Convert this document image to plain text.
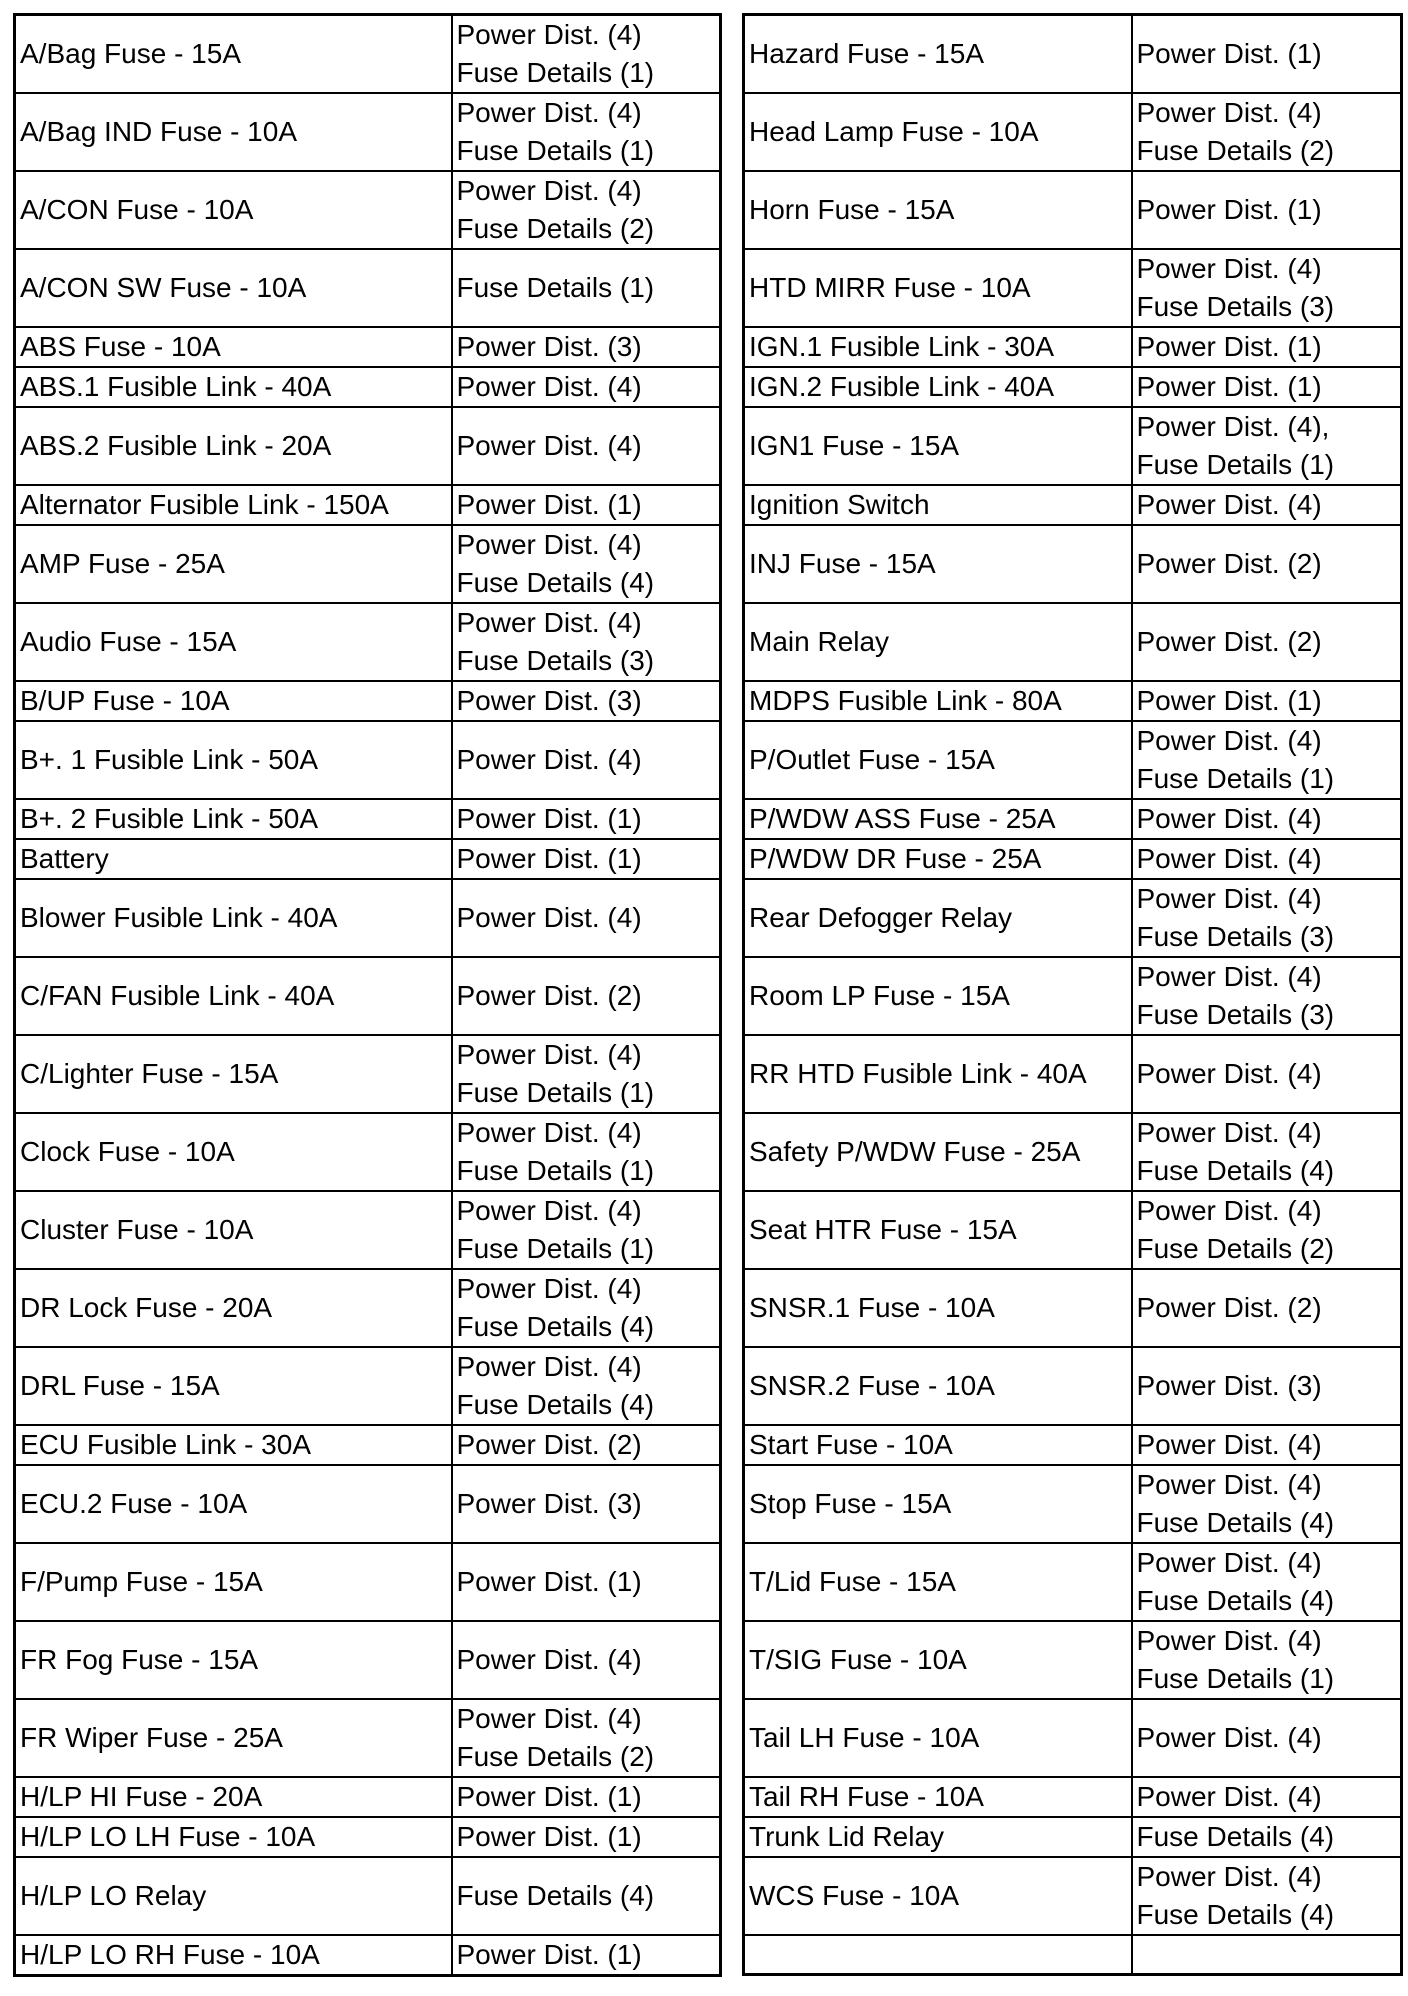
A/Bag Fuse - 15A	Power Dist. (4)
Fuse Details (1)

A/Bag IND Fuse - 10A	Power Dist. (4)
Fuse Details (1)

A/CON Fuse - 10A	Power Dist. (4)
Fuse Details (2)

A/CON SW Fuse - 10A	Fuse Details (1)

ABS Fuse - 10A	Power Dist. (3)

ABS.1 Fusible Link - 40A	Power Dist. (4)

ABS.2 Fusible Link - 20A	Power Dist. (4)

Alternator Fusible Link - 150A	Power Dist. (1)

AMP Fuse - 25A	Power Dist. (4)
Fuse Details (4)

Audio Fuse - 15A	Power Dist. (4)
Fuse Details (3)

B/UP Fuse - 10A	Power Dist. (3)

B+. 1 Fusible Link - 50A	Power Dist. (4)

B+. 2 Fusible Link - 50A	Power Dist. (1)

Battery	Power Dist. (1)

Blower Fusible Link - 40A	Power Dist. (4)

C/FAN Fusible Link - 40A	Power Dist. (2)

C/Lighter Fuse - 15A	Power Dist. (4)
Fuse Details (1)

Clock Fuse - 10A	Power Dist. (4)
Fuse Details (1)

Cluster Fuse - 10A	Power Dist. (4)
Fuse Details (1)

DR Lock Fuse - 20A	Power Dist. (4)
Fuse Details (4)

DRL Fuse - 15A	Power Dist. (4)
Fuse Details (4)

ECU Fusible Link - 30A	Power Dist. (2)

ECU.2 Fuse - 10A	Power Dist. (3)

F/Pump Fuse - 15A	Power Dist. (1)

FR Fog Fuse - 15A	Power Dist. (4)

FR Wiper Fuse - 25A	Power Dist. (4)
Fuse Details (2)

H/LP HI Fuse - 20A	Power Dist. (1)

H/LP LO LH Fuse - 10A	Power Dist. (1)

H/LP LO Relay	Fuse Details (4)

H/LP LO RH Fuse - 10A	Power Dist. (1)
Hazard Fuse - 15A	Power Dist. (1)

Head Lamp Fuse - 10A	Power Dist. (4)
Fuse Details (2)

Horn Fuse - 15A	Power Dist. (1)

HTD MIRR Fuse - 10A	Power Dist. (4)
Fuse Details (3)

IGN.1 Fusible Link - 30A	Power Dist. (1)

IGN.2 Fusible Link - 40A	Power Dist. (1)

IGN1 Fuse - 15A	Power Dist. (4),
Fuse Details (1)

Ignition Switch	Power Dist. (4)

INJ Fuse - 15A	Power Dist. (2)

Main Relay	Power Dist. (2)

MDPS Fusible Link - 80A	Power Dist. (1)

P/Outlet Fuse - 15A	Power Dist. (4)
Fuse Details (1)

P/WDW ASS Fuse - 25A	Power Dist. (4)

P/WDW DR Fuse - 25A	Power Dist. (4)

Rear Defogger Relay	Power Dist. (4)
Fuse Details (3)

Room LP Fuse - 15A	Power Dist. (4)
Fuse Details (3)

RR HTD Fusible Link - 40A	Power Dist. (4)

Safety P/WDW Fuse - 25A	Power Dist. (4)
Fuse Details (4)

Seat HTR Fuse - 15A	Power Dist. (4)
Fuse Details (2)

SNSR.1 Fuse - 10A	Power Dist. (2)

SNSR.2 Fuse - 10A	Power Dist. (3)

Start Fuse - 10A	Power Dist. (4)

Stop Fuse - 15A	Power Dist. (4)
Fuse Details (4)

T/Lid Fuse - 15A	Power Dist. (4)
Fuse Details (4)

T/SIG Fuse - 10A	Power Dist. (4)
Fuse Details (1)

Tail LH Fuse - 10A	Power Dist. (4)

Tail RH Fuse - 10A	Power Dist. (4)

Trunk Lid Relay	Fuse Details (4)

WCS Fuse - 10A	Power Dist. (4)
Fuse Details (4)
